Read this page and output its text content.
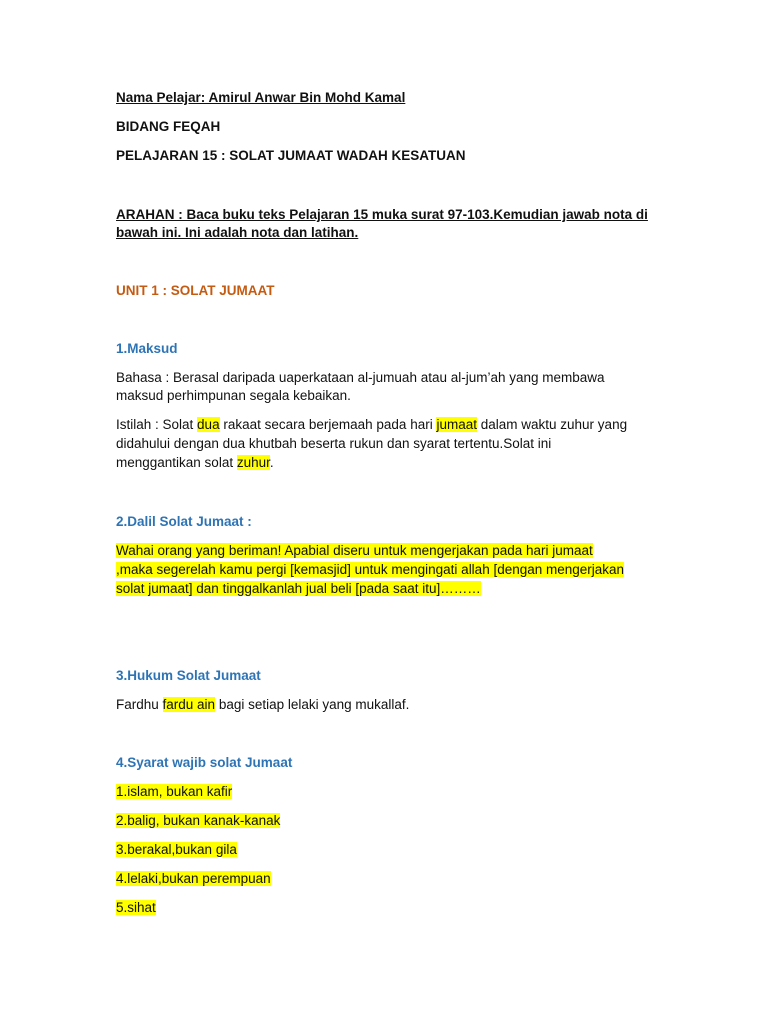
Nama Pelajar: Amirul Anwar Bin Mohd Kamal
BIDANG FEQAH
PELAJARAN 15 : SOLAT JUMAAT WADAH KESATUAN
ARAHAN : Baca buku teks Pelajaran 15 muka surat 97-103.Kemudian jawab nota di
bawah ini. Ini adalah nota dan latihan.
UNIT 1 : SOLAT JUMAAT
1.Maksud
Bahasa : Berasal daripada uaperkataan al-jumuah atau al-jum’ah yang membawa
maksud perhimpunan segala kebaikan.
Istilah : Solat dua rakaat secara berjemaah pada hari jumaat dalam waktu zuhur yang
didahului dengan dua khutbah beserta rukun dan syarat tertentu.Solat ini
menggantikan solat zuhur.
2.Dalil Solat Jumaat :
Wahai orang yang beriman! Apabial diseru untuk mengerjakan pada hari jumaat
,maka segerelah kamu pergi [kemasjid] untuk mengingati allah [dengan mengerjakan
solat jumaat] dan tinggalkanlah jual beli [pada saat itu]………
3.Hukum Solat Jumaat
Fardhu fardu ain bagi setiap lelaki yang mukallaf.
4.Syarat wajib solat Jumaat
1.islam, bukan kafir
2.balig, bukan kanak-kanak
3.berakal,bukan gila
4.lelaki,bukan perempuan
5.sihat
